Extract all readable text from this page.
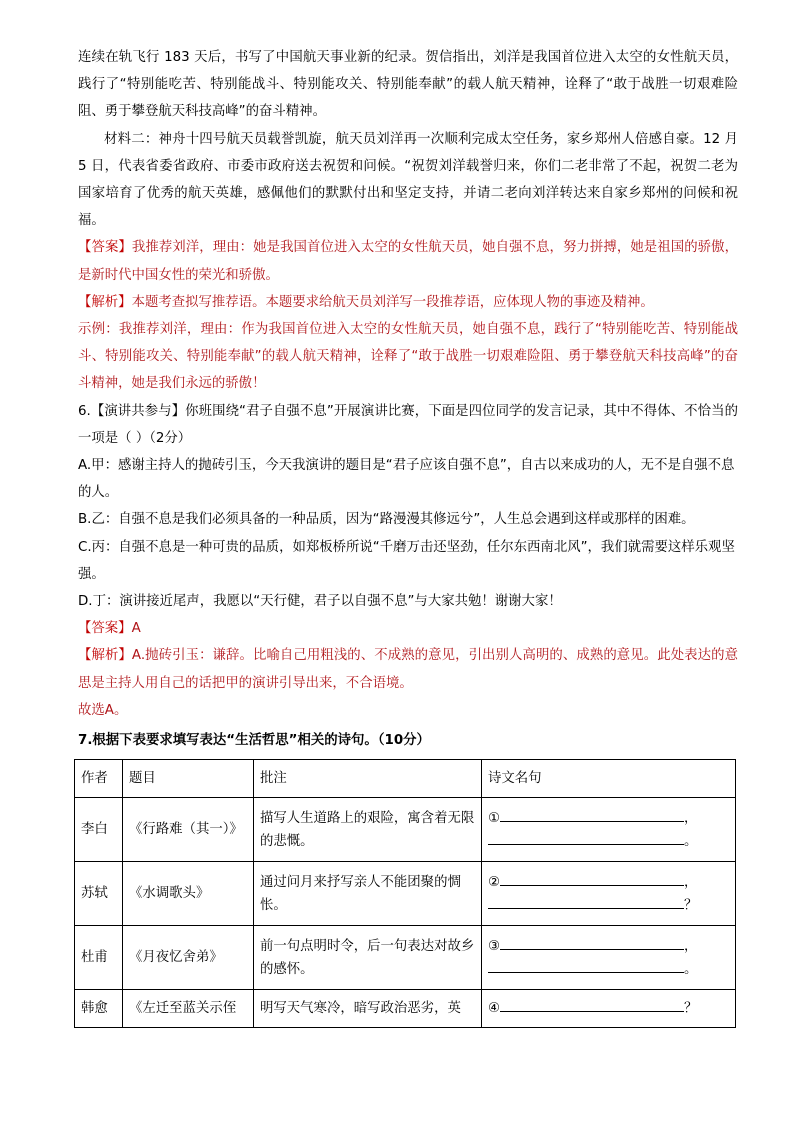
连续在轨飞行 183 天后，书写了中国航天事业新的纪录。贺信指出，刘洋是我国首位进入太空的女性航天员，践行了“特别能吃苦、特别能战斗、特别能攻关、特别能奉献”的载人航天精神，诠释了“敢于战胜一切艰难险阻、勇于攀登航天科技高峰”的奋斗精神。

材料二：神舟十四号航天员载誉凯旋，航天员刘洋再一次顺利完成太空任务，家乡郑州人倍感自豪。12 月 5 日，代表省委省政府、市委市政府送去祝贺和问候。“祝贺刘洋载誉归来，你们二老非常了不起，祝贺二老为国家培育了优秀的航天英雄，感佩他们的默默付出和坚定支持，并请二老向刘洋转达来自家乡郑州的问候和祝福。

【答案】我推荐刘洋，理由：她是我国首位进入太空的女性航天员，她自强不息，努力拼搏，她是祖国的骄傲，是新时代中国女性的荣光和骄傲。

【解析】本题考查拟写推荐语。本题要求给航天员刘洋写一段推荐语，应体现人物的事迹及精神。

示例：我推荐刘洋，理由：作为我国首位进入太空的女性航天员，她自强不息，践行了“特别能吃苦、特别能战斗、特别能攻关、特别能奉献”的载人航天精神，诠释了“敢于战胜一切艰难险阻、勇于攀登航天科技高峰”的奋斗精神，她是我们永远的骄傲！

6.【演讲共参与】你班围绕“君子自强不息”开展演讲比赛，下面是四位同学的发言记录，其中不得体、不恰当的一项是（ ）（2分）

A.甲：感谢主持人的抛砖引玉，今天我演讲的题目是“君子应该自强不息”，自古以来成功的人，无不是自强不息的人。

B.乙：自强不息是我们必须具备的一种品质，因为“路漫漫其修远兮”，人生总会遇到这样或那样的困难。

C.丙：自强不息是一种可贵的品质，如郑板桥所说“千磨万击还坚劲，任尔东西南北风”，我们就需要这样乐观坚强。

D.丁：演讲接近尾声，我愿以“天行健，君子以自强不息”与大家共勉！谢谢大家！

【答案】A

【解析】A.抛砖引玉：谦辞。比喻自己用粗浅的、不成熟的意见，引出别人高明的、成熟的意见。此处表达的意思是主持人用自己的话把甲的演讲引导出来，不合语境。

故选A。

7.根据下表要求填写表达“生活哲思”相关的诗句。（10分）
作者	题目	批注	诗文名句
李白	《行路难（其一）》	描写人生道路上的艰险，寓含着无限的悲慨。	① ，
。

苏轼	《水调歌头》	通过问月来抒写亲人不能团聚的惆怅。	② ，
？

杜甫	《月夜忆舍弟》	前一句点明时令，后一句表达对故乡的感怀。	③ ，
。

韩愈	《左迁至蓝关示侄	明写天气寒冷，暗写政治恶劣，英	④ ？
